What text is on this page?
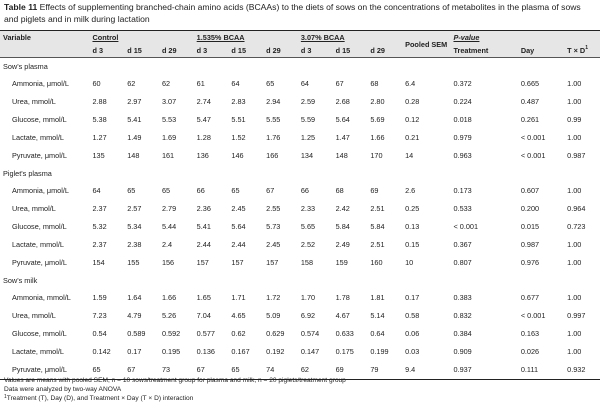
Table 11 Effects of supplementing branched-chain amino acids (BCAAs) to the diets of sows on the concentrations of metabolites in the plasma of sows and piglets and in milk during lactation
Variable	Control			1.535% BCAA			3.07% BCAA			Pooled SEM	P-value		
	d 3	d 15	d 29	d 3	d 15	d 29	d 3	d 15	d 29		Treatment	Day	$T \times D^1$
Sow's plasma													
Ammonia, μmol/L	60	62	62	61	64	65	64	67	68	6.4	0.372	0.665	1.00
Urea, mmol/L	2.88	2.97	3.07	2.74	2.83	2.94	2.59	2.68	2.80	0.28	0.224	0.487	1.00
Glucose, mmol/L	5.38	5.41	5.53	5.47	5.51	5.55	5.59	5.64	5.69	0.12	0.018	0.261	0.99
Lactate, mmol/L	1.27	1.49	1.69	1.28	1.52	1.76	1.25	1.47	1.66	0.21	0.979	< 0.001	1.00
Pyruvate, μmol/L	135	148	161	136	146	166	134	148	170	14	0.963	< 0.001	0.987
Piglet's plasma													
Ammonia, μmol/L	64	65	65	66	65	67	66	68	69	2.6	0.173	0.607	1.00
Urea, mmol/L	2.37	2.57	2.79	2.36	2.45	2.55	2.33	2.42	2.51	0.25	0.533	0.200	0.964
Glucose, mmol/L	5.32	5.34	5.44	5.41	5.64	5.73	5.65	5.84	5.84	0.13	< 0.001	0.015	0.723
Lactate, mmol/L	2.37	2.38	2.4	2.44	2.44	2.45	2.52	2.49	2.51	0.15	0.367	0.987	1.00
Pyruvate, μmol/L	154	155	156	157	157	157	158	159	160	10	0.807	0.976	1.00
Sow's milk													
Ammonia, mmol/L	1.59	1.64	1.66	1.65	1.71	1.72	1.70	1.78	1.81	0.17	0.383	0.677	1.00
Urea, mmol/L	7.23	4.79	5.26	7.04	4.65	5.09	6.92	4.67	5.14	0.58	0.832	< 0.001	0.997
Glucose, mmol/L	0.54	0.589	0.592	0.577	0.62	0.629	0.574	0.633	0.64	0.06	0.384	0.163	1.00
Lactate, mmol/L	0.142	0.17	0.195	0.136	0.167	0.192	0.147	0.175	0.199	0.03	0.909	0.026	1.00
Pyruvate, μmol/L	65	67	73	67	65	74	62	69	79	9.4	0.937	0.111	0.932
Values are means with pooled SEM, n = 10 sows/treatment group for plasma and milk, n = 20 piglets/treatment group
Data were analyzed by two-way ANOVA
$^1$Treatment (T), Day (D), and Treatment × Day (T × D) interaction
